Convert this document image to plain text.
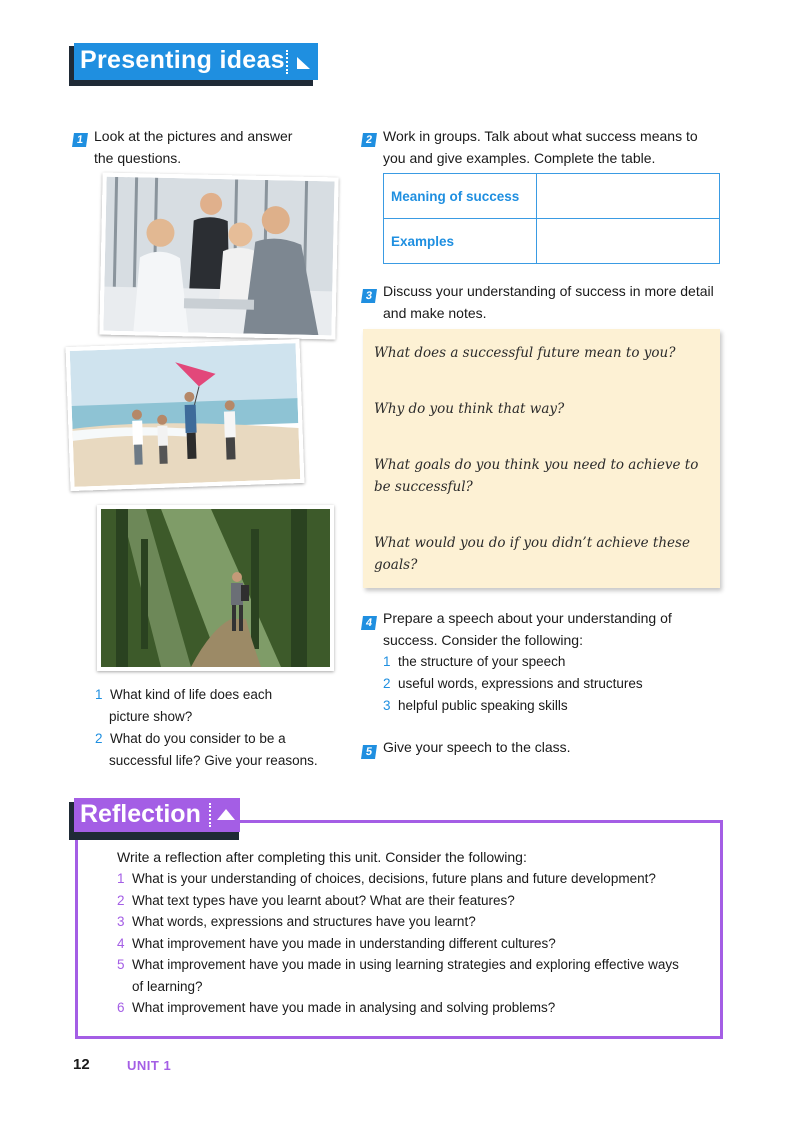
Presenting ideas
1 Look at the pictures and answer
the questions.
1 What kind of life does each
picture show?
2 What do you consider to be a
successful life? Give your reasons.
2 Work in groups. Talk about what success means to
you and give examples. Complete the table.
Meaning of success	
Examples	
3 Discuss your understanding of success in more detail
and make notes.
What does a successful future mean to you?
Why do you think that way?
What goals do you think you need to achieve to
be successful?
What would you do if you didn’t achieve these goals?
4 Prepare a speech about your understanding of
success. Consider the following:
1 the structure of your speech
2 useful words, expressions and structures
3 helpful public speaking skills
5 Give your speech to the class.
Reflection
Write a reflection after completing this unit. Consider the following:
1 What is your understanding of choices, decisions, future plans and future development?
2 What text types have you learnt about? What are their features?
3 What words, expressions and structures have you learnt?
4 What improvement have you made in understanding different cultures?
5 What improvement have you made in using learning strategies and exploring effective ways
of learning?
6 What improvement have you made in analysing and solving problems?
12	UNIT 1
